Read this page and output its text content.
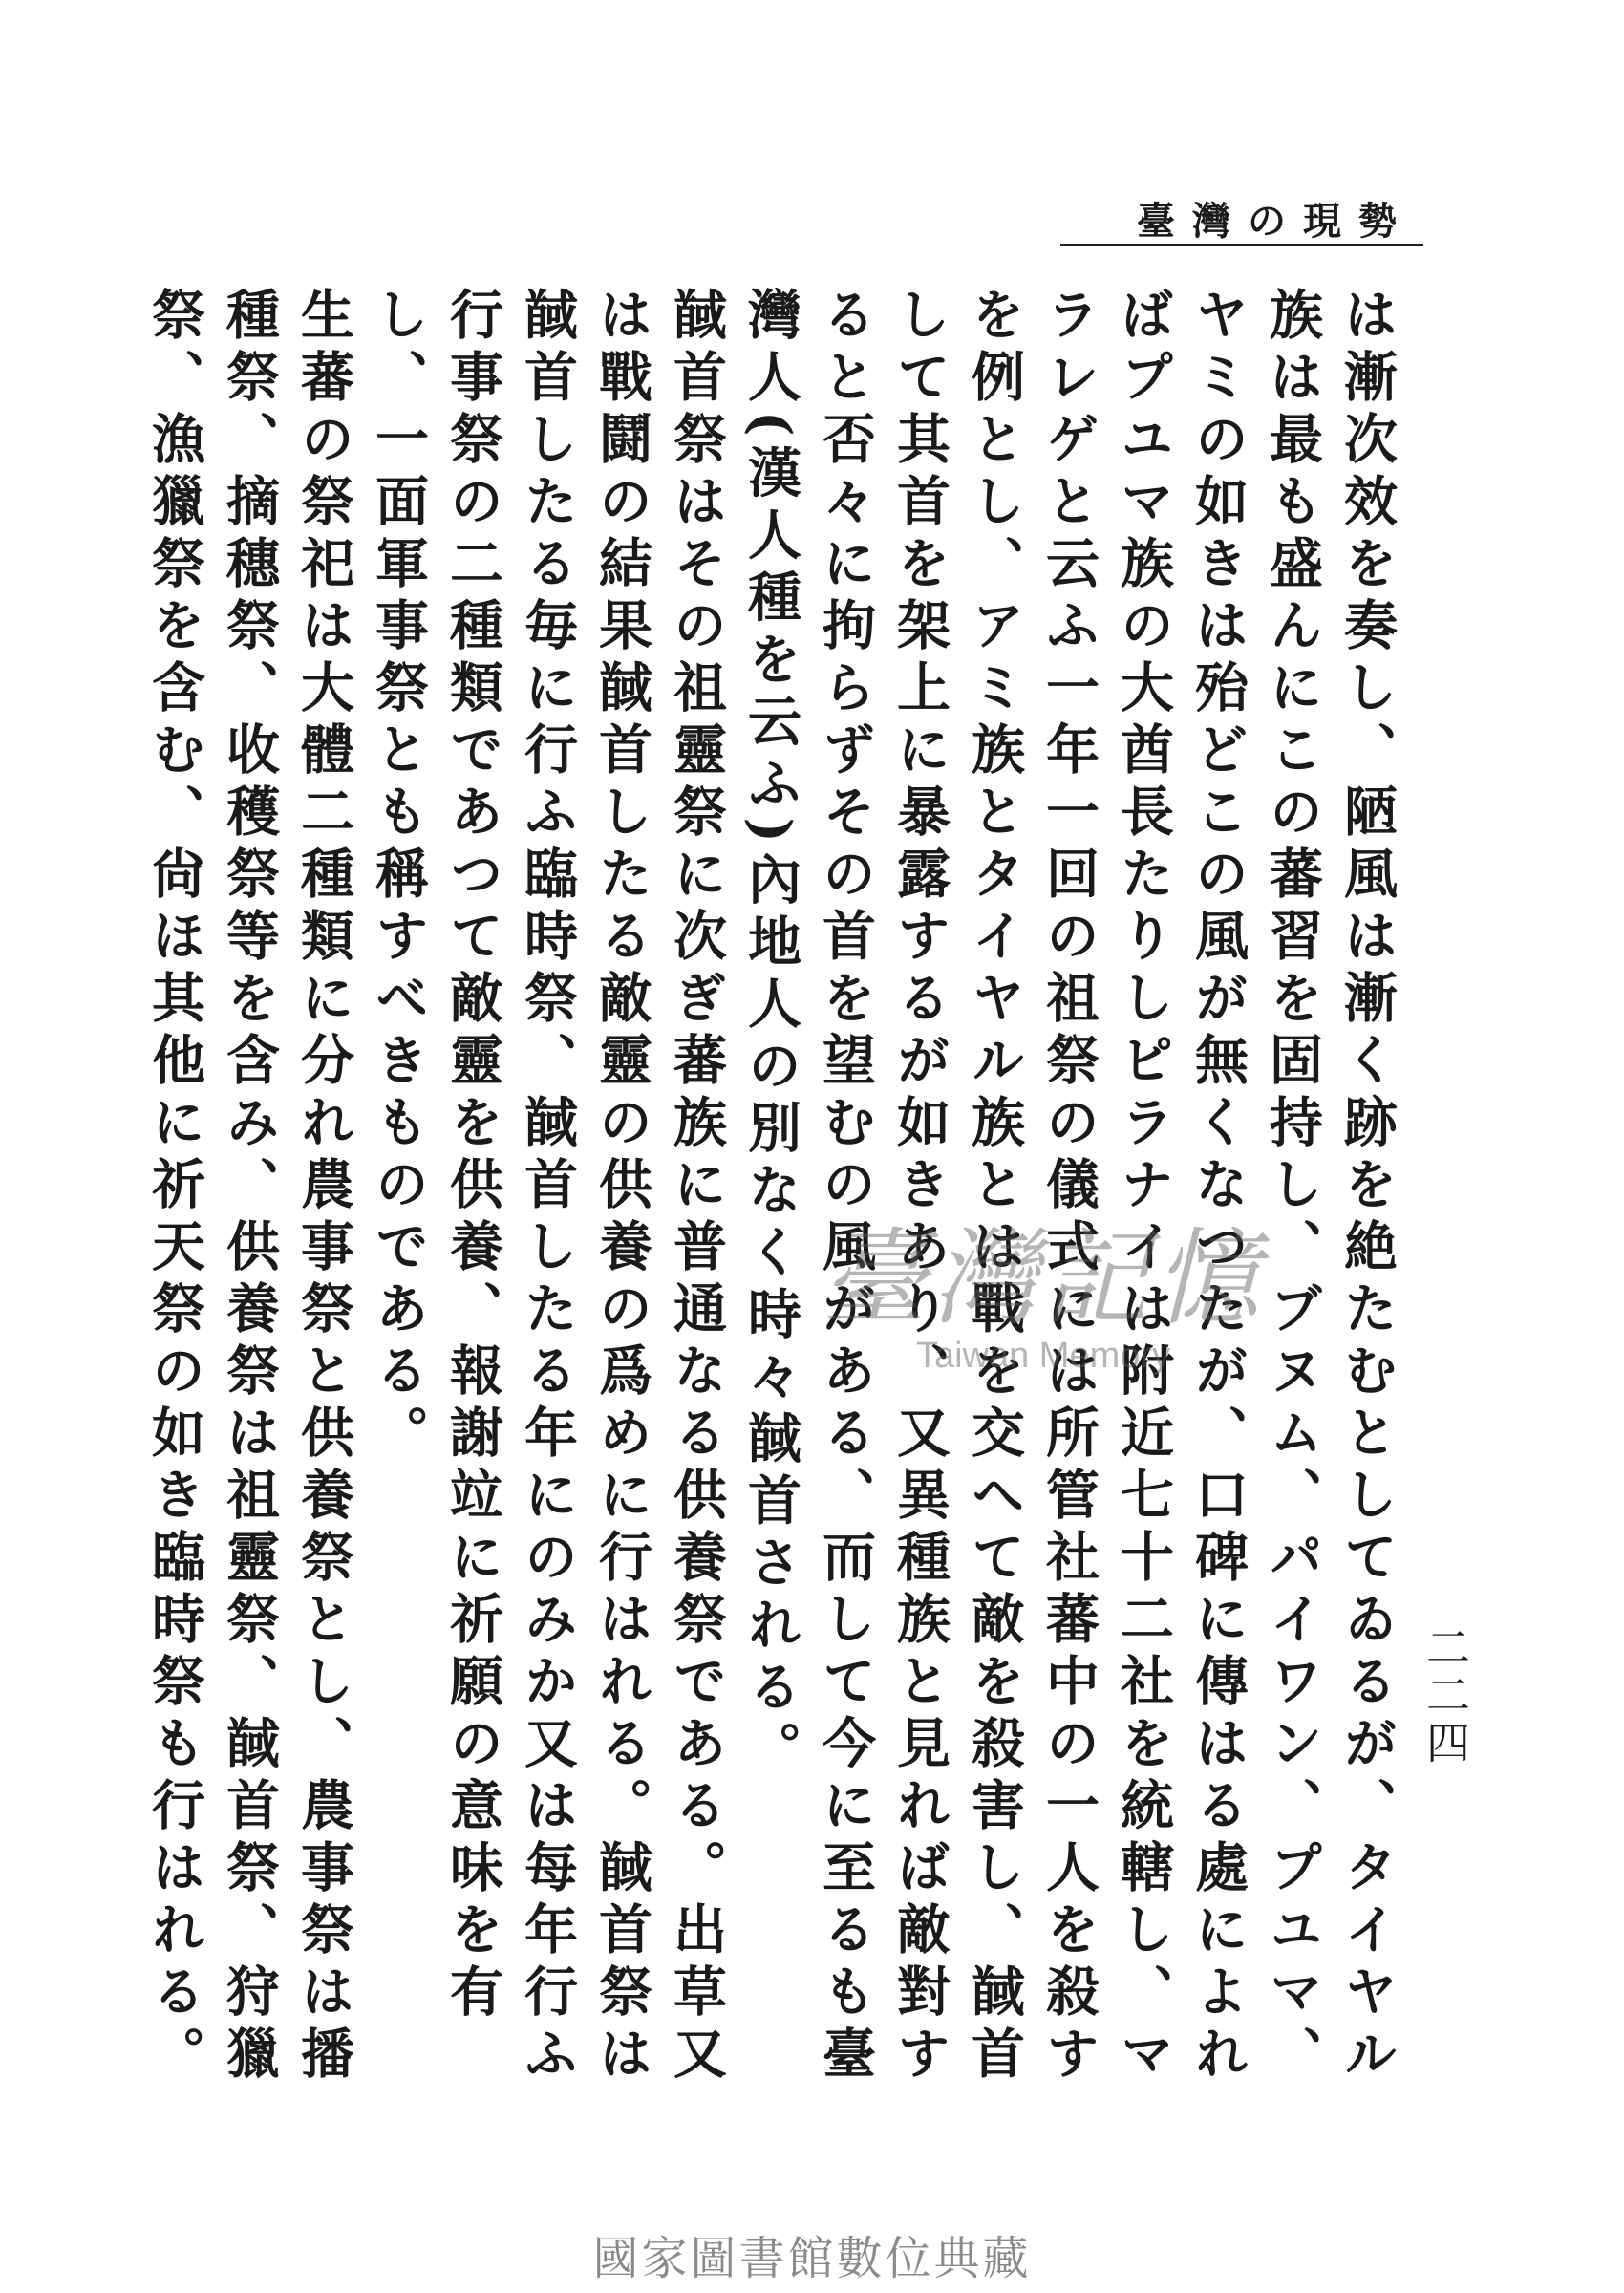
臺灣の現勢
二二四

は漸次效を奏し、陋風は漸く跡を絶たむとしてゐるが、タイヤル族は最も盛んにこの蕃習を固持し、ブヌム、パイワン、プユマ、ヤミの如きは殆どこの風が無くなつたが、口碑に傳はる處によればプユマ族の大酋長たりしピラナイは附近七十二社を統轄し、マラレゲと云ふ一年一回の祖祭の儀式には所管社蕃中の一人を殺すを例とし、アミ族とタイヤル族とは戰を交へて敵を殺害し、馘首して其首を架上に暴露するが如きあり、又異種族と見れば敵對すると否々に拘らずその首を望むの風がある、而して今に至るも臺灣人(漢人種を云ふ)內地人の別なく時々馘首される。

馘首祭はその祖靈祭に次ぎ蕃族に普通なる供養祭である。出草又は戰鬪の結果馘首したる敵靈の供養の爲めに行はれる。馘首祭は馘首したる毎に行ふ臨時祭、馘首したる年にのみか又は每年行ふ行事祭の二種類であつて敵靈を供養、報謝竝に祈願の意味を有し、一面軍事祭とも稱すべきものである。

生蕃の祭祀は大體二種類に分れ農事祭と供養祭とし、農事祭は播種祭、摘穗祭、收穫祭等を含み、供養祭は祖靈祭、馘首祭、狩獵祭、漁獵祭を含む、尙ほ其他に祈天祭の如き臨時祭も行はれる。	臺灣記憶
Taiwan Memory
國家圖書館數位典藏
